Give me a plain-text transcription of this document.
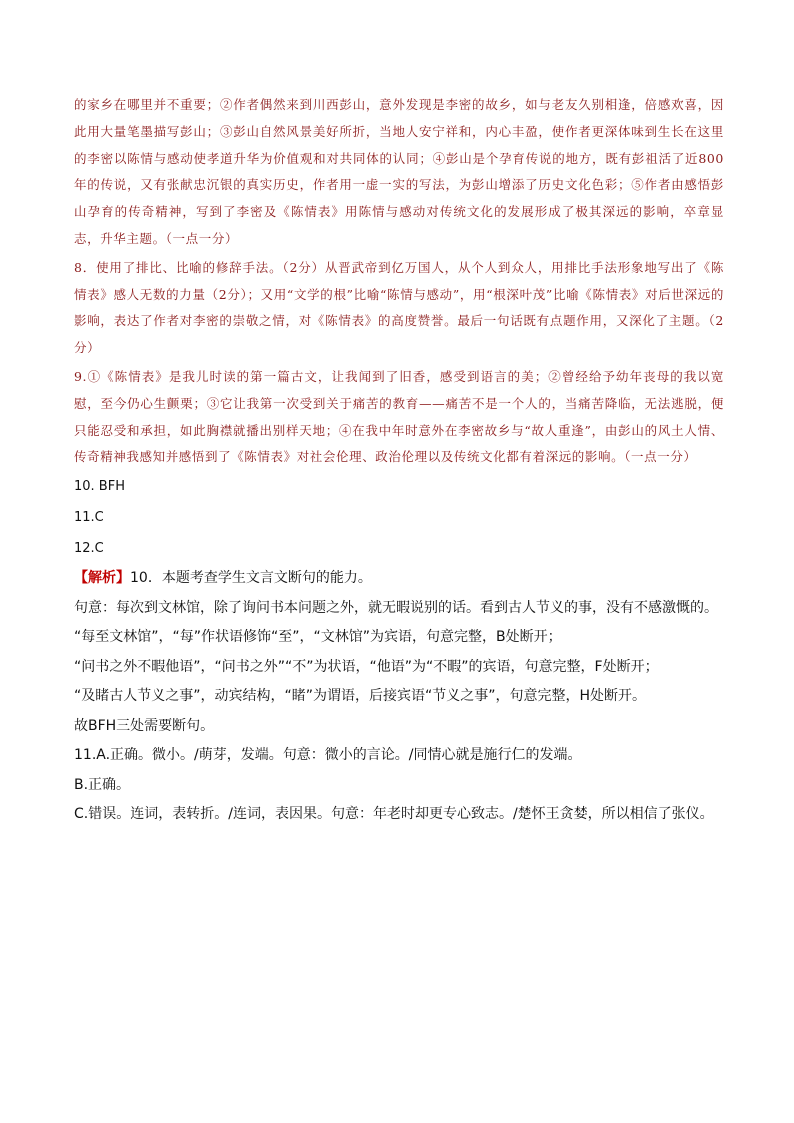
的家乡在哪里并不重要；②作者偶然来到川西彭山，意外发现是李密的故乡，如与老友久别相逢，倍感欢喜，因此用大量笔墨描写彭山；③彭山自然风景美好所折，当地人安宁祥和，内心丰盈，使作者更深体味到生长在这里的李密以陈情与感动使孝道升华为价值观和对共同体的认同；④彭山是个孕育传说的地方，既有彭祖活了近800年的传说，又有张献忠沉银的真实历史，作者用一虚一实的写法，为彭山增添了历史文化色彩；⑤作者由感悟彭山孕育的传奇精神，写到了李密及《陈情表》用陈情与感动对传统文化的发展形成了极其深远的影响，卒章显志，升华主题。（一点一分）

8．使用了排比、比喻的修辞手法。（2分）从晋武帝到亿万国人，从个人到众人，用排比手法形象地写出了《陈情表》感人无数的力量（2分）；又用“文学的根”比喻“陈情与感动”，用“根深叶茂”比喻《陈情表》对后世深远的影响，表达了作者对李密的崇敬之情，对《陈情表》的高度赞誉。最后一句话既有点题作用，又深化了主题。（2分）

9.①《陈情表》是我儿时读的第一篇古文，让我闻到了旧香，感受到语言的美；②曾经给予幼年丧母的我以宽慰，至今仍心生颤栗；③它让我第一次受到关于痛苦的教育——痛苦不是一个人的，当痛苦降临，无法逃脱，便只能忍受和承担，如此胸襟就播出别样天地；④在我中年时意外在李密故乡与“故人重逢”，由彭山的风土人情、传奇精神我感知并感悟到了《陈情表》对社会伦理、政治伦理以及传统文化都有着深远的影响。（一点一分）

10. BFH

11.C

12.C

【解析】10．本题考查学生文言文断句的能力。

句意：每次到文林馆，除了询问书本问题之外，就无暇说别的话。看到古人节义的事，没有不感激慨的。

“每至文林馆”，“每”作状语修饰“至”，“文林馆”为宾语，句意完整，B处断开；

“问书之外不暇他语”，“问书之外”“不”为状语，“他语”为“不暇”的宾语，句意完整，F处断开；

“及睹古人节义之事”，动宾结构，“睹”为谓语，后接宾语“节义之事”，句意完整，H处断开。

故BFH三处需要断句。

11.A.正确。微小。/萌芽，发端。句意：微小的言论。/同情心就是施行仁的发端。

B.正确。

C.错误。连词，表转折。/连词，表因果。句意：年老时却更专心致志。/楚怀王贪婪，所以相信了张仪。
